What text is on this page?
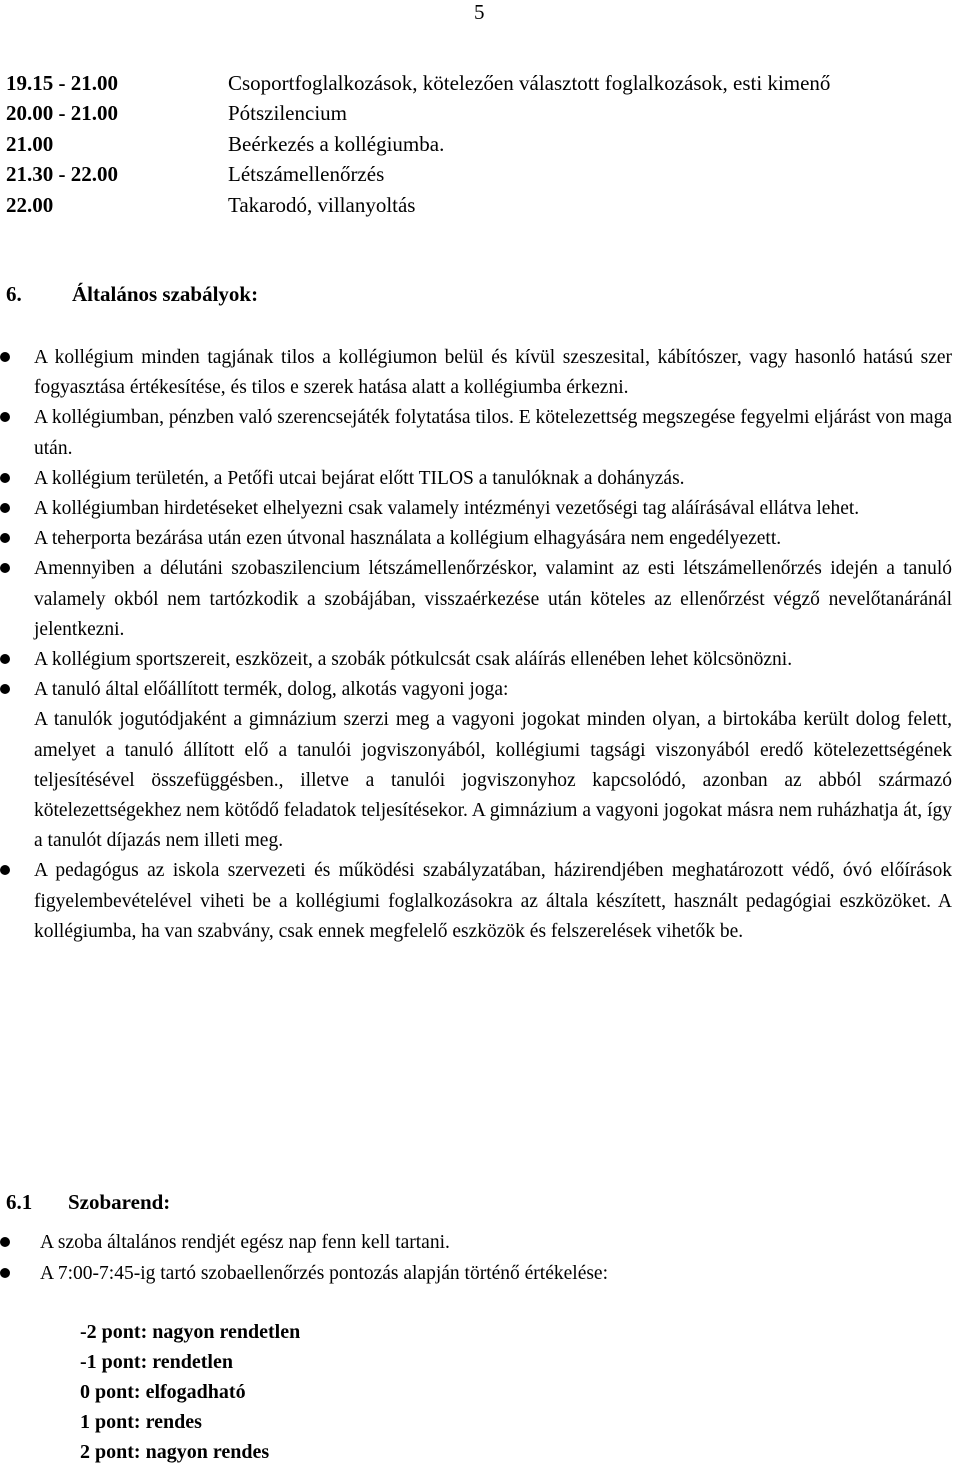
5
19.15 - 21.00	Csoportfoglalkozások, kötelezően választott foglalkozások, esti kimenő
20.00 - 21.00	Pótszilencium
21.00	Beérkezés a kollégiumba.
21.30 - 22.00	Létszámellenőrzés
22.00	Takarodó, villanyoltás
6. Általános szabályok:

A kollégium minden tagjának tilos a kollégiumon belül és kívül szeszesital, kábítószer, vagy hasonló hatású szer fogyasztása értékesítése, és tilos e szerek hatása alatt a kollégiumba érkezni.

A kollégiumban, pénzben való szerencsejáték folytatása tilos. E kötelezettség megszegése fegyelmi eljárást von maga után.

A kollégium területén, a Petőfi utcai bejárat előtt TILOS a tanulóknak a dohányzás.

A kollégiumban hirdetéseket elhelyezni csak valamely intézményi vezetőségi tag aláírásával ellátva lehet.

A teherporta bezárása után ezen útvonal használata a kollégium elhagyására nem engedélyezett.

Amennyiben a délutáni szobaszilencium létszámellenőrzéskor, valamint az esti létszámellenőrzés idején a tanuló valamely okból nem tartózkodik a szobájában, visszaérkezése után köteles az ellenőrzést végző nevelőtanáránál jelentkezni.

A kollégium sportszereit, eszközeit, a szobák pótkulcsát csak aláírás ellenében lehet kölcsönözni.

A tanuló által előállított termék, dolog, alkotás vagyoni joga:

A tanulók jogutódjaként a gimnázium szerzi meg a vagyoni jogokat minden olyan, a birtokába került dolog felett, amelyet a tanuló állított elő a tanulói jogviszonyából, kollégiumi tagsági viszonyából eredő kötelezettségének teljesítésével összefüggésben., illetve a tanulói jogviszonyhoz kapcsolódó, azonban az abból származó kötelezettségekhez nem kötődő feladatok teljesítésekor. A gimnázium a vagyoni jogokat másra nem ruházhatja át, így a tanulót díjazás nem illeti meg.

A pedagógus az iskola szervezeti és működési szabályzatában, házirendjében meghatározott védő, óvó előírások figyelembevételével viheti be a kollégiumi foglalkozásokra az általa készített, használt pedagógiai eszközöket. A kollégiumba, ha van szabvány, csak ennek megfelelő eszközök és felszerelések vihetők be.

6.1 Szobarend:
A szoba általános rendjét egész nap fenn kell tartani.
A 7:00-7:45-ig tartó szobaellenőrzés pontozás alapján történő értékelése:
-2 pont: nagyon rendetlen
-1 pont: rendetlen
0 pont: elfogadható
1 pont: rendes
2 pont: nagyon rendes
